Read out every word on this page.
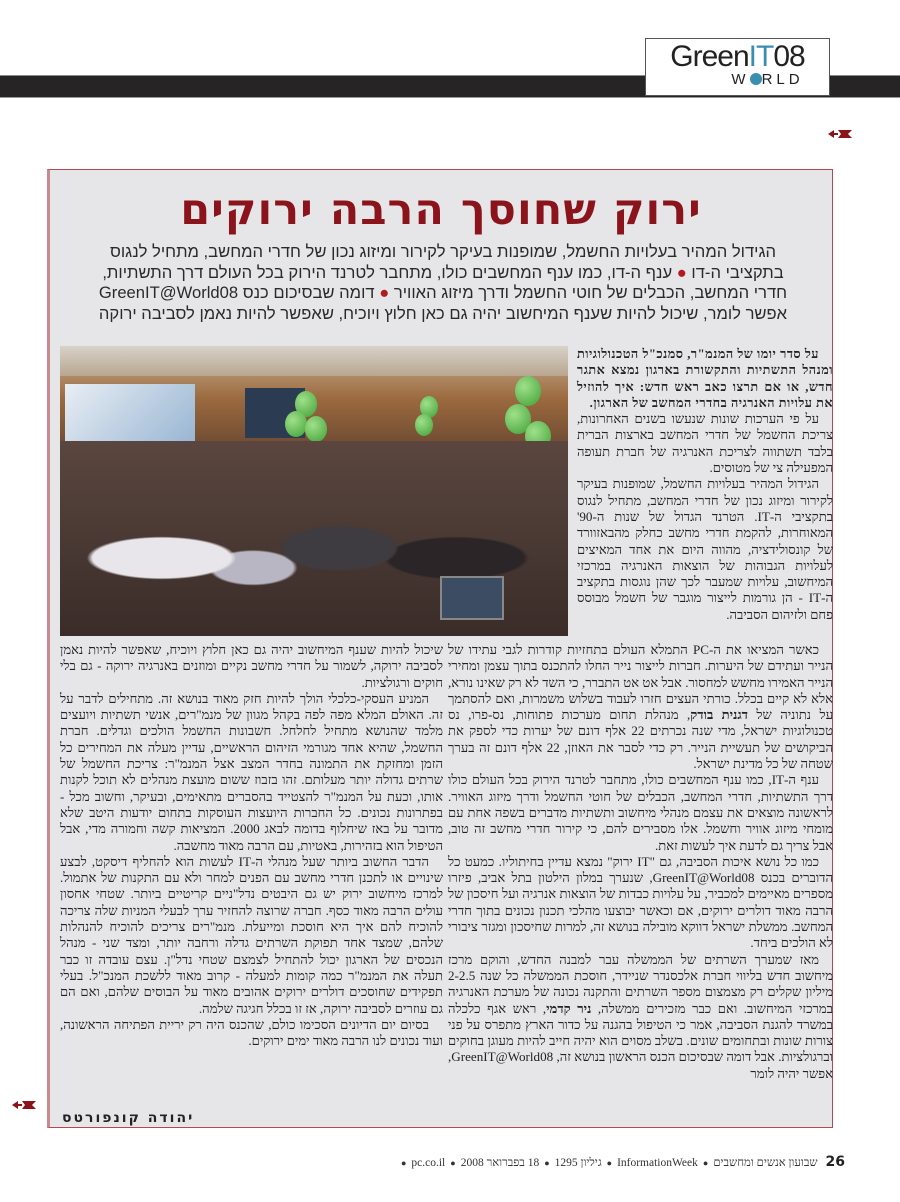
GreenIT08
W RLD
ירוק שחוסך הרבה ירוקים
הגידול המהיר בעלויות החשמל, שמופנות בעיקר לקירור ומיזוג נכון של חדרי המחשב, מתחיל לנגוס
בתקציבי ה-דו ● ענף ה-דו, כמו ענף המחשבים כולו, מתחבר לטרנד הירוק בכל העולם דרך התשתיות,
חדרי המחשב, הכבלים של חוטי החשמל ודרך מיזוג האוויר ● דומה שבסיכום כנס GreenIT@World08
אפשר לומר, שיכול להיות שענף המיחשוב יהיה גם כאן חלוץ ויוכיח, שאפשר להיות נאמן לסביבה ירוקה

על סדר יומו של המנמ"ר, סמנכ"ל הטכנולוגיות ומנהל התשתיות והתקשורת בארגון נמצא אתגר חדש, או אם תרצו כאב ראש חדש: איך להוזיל את עלויות האנרגיה בחדרי המחשב של הארגון.

על פי הערכות שונות שנעשו בשנים האחרונות, צריכת החשמל של חדרי המחשב בארצות הברית בלבד תשתווה לצריכת האנרגיה של חברת תעופה המפעילה צי של מטוסים.

הגידול המהיר בעלויות החשמל, שמופנות בעיקר לקירור ומיזוג נכון של חדרי המחשב, מתחיל לנגוס בתקציבי ה-IT. הטרנד הגדול של שנות ה-90' המאוחרות, להקמת חדרי מחשב כחלק מהבאזוורד של קונסולידציה, מהווה היום את אחד המאיצים לעלויות הגבוהות של הוצאות האנרגיה במרכזי המיחשוב, עלויות שמעבר לכך שהן נוגסות בתקציב ה-IT - הן גורמות לייצור מוגבר של חשמל מבוסס פחם ולזיהום הסביבה.

כאשר המציאו את ה-PC התמלא העולם בתחזיות קודרות לגבי עתידו של הנייר ועתידם של היערות. חברות לייצור נייר החלו להתכנס בתוך עצמן ומחירי הנייר האמירו מחשש למחסור. אבל אט אט התברר, כי השד לא רק שאינו נורא, אלא לא קיים בכלל. כורתי העצים חזרו לעבוד בשלוש משמרות, ואם להסתמך על נתוניה של דגנית בודק, מנהלת תחום מערכות פתוחות, נס-פרו, נס טכנולוגיות ישראל, מדי שנה נכרתים 22 אלף דונם של יערות כדי לספק את הביקושים של תעשיית הנייר. רק כדי לסבר את האוזן, 22 אלף דונם זה בערך שטחה של כל מדינת ישראל.

ענף ה-IT, כמו ענף המחשבים כולו, מתחבר לטרנד הירוק בכל העולם כולו דרך התשתיות, חדרי המחשב, הכבלים של חוטי החשמל ודרך מיזוג האוויר. לראשונה מוצאים את עצמם מנהלי מיחשוב ותשתיות מדברים בשפה אחת עם מומחי מיזוג אוויר וחשמל. אלו מסבירים להם, כי קירור חדרי מחשב זה טוב, אבל צריך גם לדעת איך לעשות זאת.

כמו כל נושא איכות הסביבה, גם "IT ירוק" נמצא עדיין בחיתוליו. כמעט כל הדוברים בכנס GreenIT@World08, שנערך במלון הילטון בתל אביב, פיזרו מספרים מאיימים למכביר, על עלויות כבדות של הוצאות אנרגיה ועל חיסכון של הרבה מאוד דולרים ירוקים, אם וכאשר יבוצעו מהלכי תכנון נכונים בתוך חדרי המחשב. ממשלת ישראל דווקא מובילה בנושא זה, למרות שחיסכון ומגזר ציבורי לא הולכים ביחד.

מאז שמערך השרתים של הממשלה עבר למבנה החדש, והוקם מרכז מיחשוב חדש בליווי חברת אלכסנדר שניידר, חוסכת הממשלה כל שנה 2-2.5 מיליון שקלים רק מצמצום מספר השרתים והתקנה נכונה של מערכת האנרגיה במרכזי המיחשוב. ואם כבר מזכירים ממשלה, ניר קדמי, ראש אגף כלכלה במשרד להגנת הסביבה, אמר כי הטיפול בהגנה על כדור הארץ מתפרס על פני צורות שונות ובתחומים שונים. בשלב מסוים הוא יהיה חייב להיות מעוגן בחוקים וברגולציות. אבל דומה שבסיכום הכנס הראשון בנושא זה, GreenIT@World08, אפשר יהיה לומר

שיכול להיות שענף המיחשוב יהיה גם כאן חלוץ ויוכיח, שאפשר להיות נאמן לסביבה ירוקה, לשמור על חדרי מחשב נקיים ומוזנים באנרגיה ירוקה - גם בלי חוקים ורגולציות.

המניע העסקי-כלכלי הולך להיות חזק מאוד בנושא זה. מתחילים לדבר על זה. האולם המלא מפה לפה בקהל מגוון של מנמ"רים, אנשי תשתיות ויועצים מלמד שהנושא מתחיל לחלחל. חשבונות החשמל הולכים וגדלים. חברת החשמל, שהיא אחד מגורמי הזיהום הראשיים, עדיין מעלה את המחירים כל הזמן ומחזקת את התמונה בחדר המצב אצל המנמ"ר: צריכת החשמל של שרתים גדולה יותר מעלותם. זהו בזבוז ששום מועצת מנהלים לא תוכל לקנות אותו, וכעת על המנמ"ר להצטייד בהסברים מתאימים, ובעיקר, וחשוב מכל - בפתרונות נכונים. כל החברות היועצות העוסקות בתחום יודעות היטב שלא מדובר על באז שיחלוף בדומה לבאג 2000. המציאות קשה וחמורה מדי, אבל הטיפול הוא בזהירות, באטיות, עם הרבה מאוד מחשבה.

הדבר החשוב ביותר שעל מנהלי ה-IT לעשות הוא להחליף דיסקט, לבצע שינויים או לתכנן חדרי מחשב עם הפנים למחר ולא עם התקנות של אתמול. למרכז מיחשוב ירוק יש גם היבטים נדל"ניים קריטיים ביותר. שטחי אחסון עולים הרבה מאוד כסף. חברה שרוצה להחזיר ערך לבעלי המניות שלה צריכה להוכיח להם איך היא חוסכת ומייעלת. מנמ"רים צריכים להוכיח להנהלות שלהם, שמצד אחד תפוקת השרתים גדלה ורחבה יותר, ומצד שני - מנהל הנכסים של הארגון יכול להתחיל לצמצם שטחי נדל"ן. עצם עובדה זו כבר תעלה את המנמ"ר כמה קומות למעלה - קרוב מאוד ללשכת המנכ"ל. בעלי תפקידים שחוסכים דולרים ירוקים אהובים מאוד על הבוסים שלהם, ואם הם גם עוזרים לסביבה ירוקה, אז זו בכלל חגיגה שלמה.

בסיום יום הדיונים הסכימו כולם, שהכנס היה רק יריית הפתיחה הראשונה, ועוד נכונים לנו הרבה מאוד ימים ירוקים.

יהודה קונפורטס
26שבועון אנשים ומחשבים●InformationWeek●גיליון 1295●18 בפברואר 2008●pc.co.il●
